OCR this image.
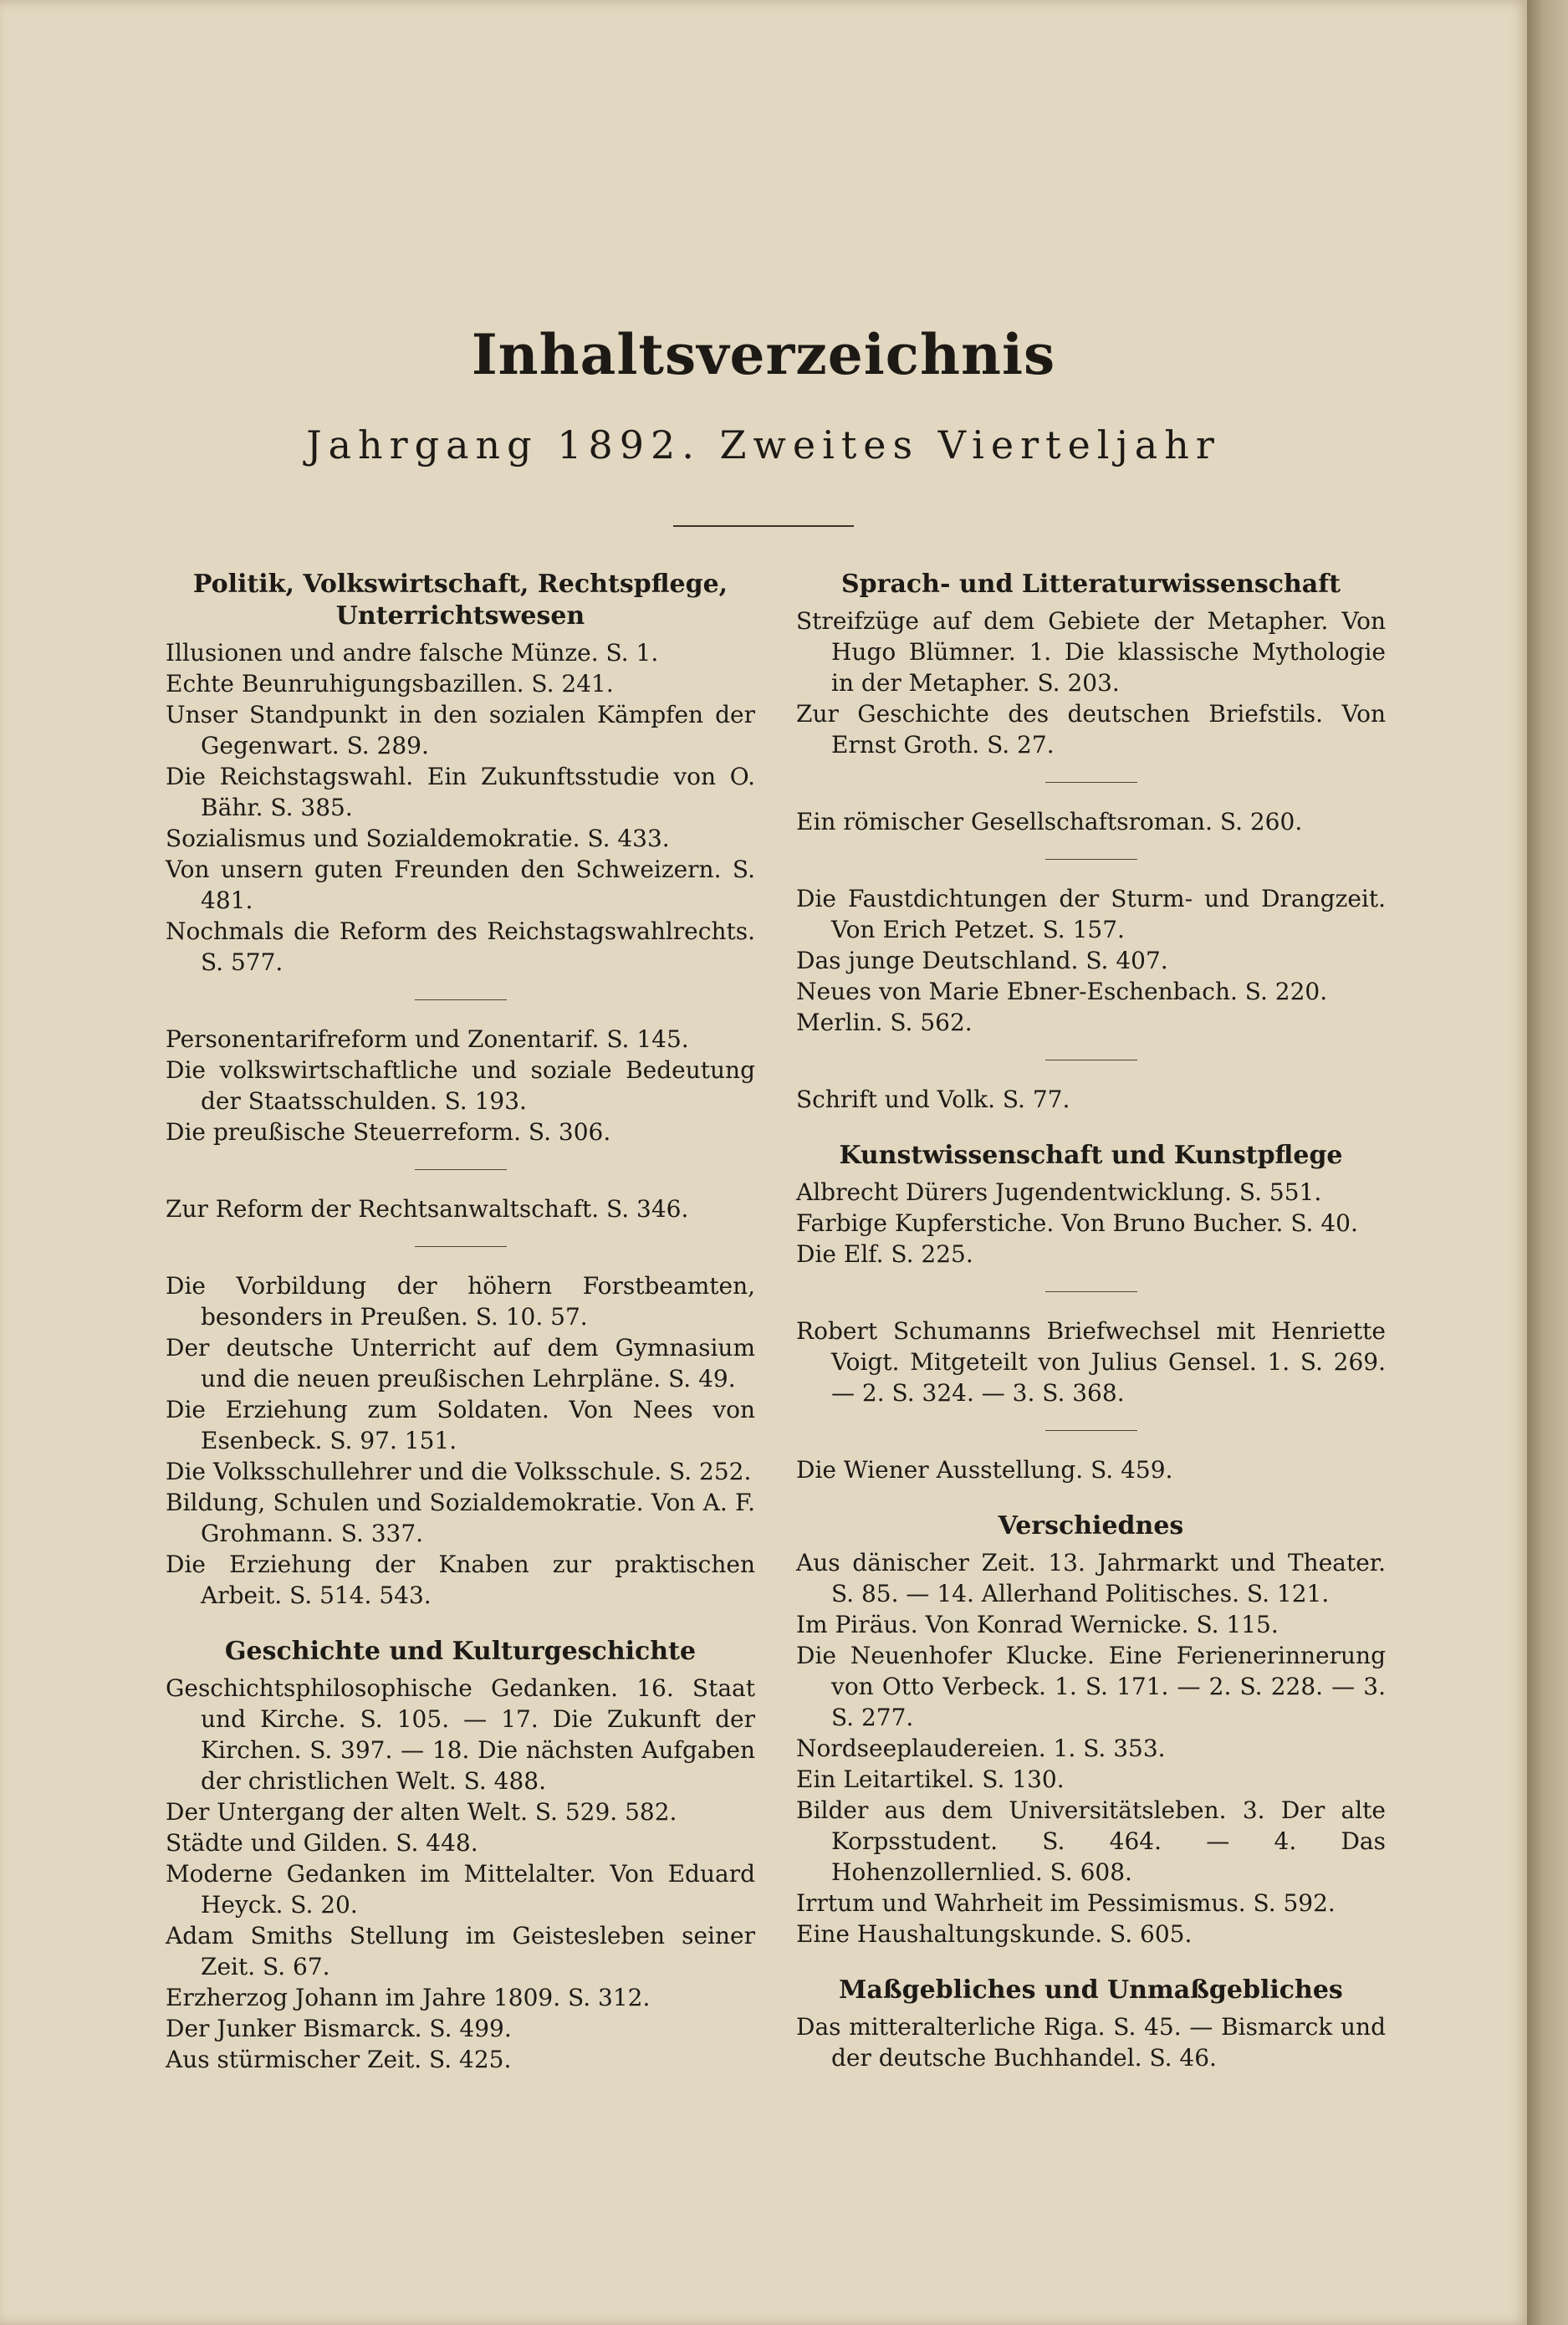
Inhaltsverzeichnis
Jahrgang 1892. Zweites Vierteljahr
Politik, Volkswirtschaft, Rechtspflege, Unterrichtswesen
Illusionen und andre falsche Münze. S. 1.
Echte Beunruhigungsbazillen. S. 241.
Unser Standpunkt in den sozialen Kämpfen der Gegenwart. S. 289.
Die Reichstagswahl. Ein Zukunftsstudie von O. Bähr. S. 385.
Sozialismus und Sozialdemokratie. S. 433.
Von unsern guten Freunden den Schweizern. S. 481.
Nochmals die Reform des Reichstagswahlrechts. S. 577.
Personentarifreform und Zonentarif. S. 145.
Die volkswirtschaftliche und soziale Bedeutung der Staatsschulden. S. 193.
Die preußische Steuerreform. S. 306.
Zur Reform der Rechtsanwaltschaft. S. 346.
Die Vorbildung der höhern Forstbeamten, besonders in Preußen. S. 10. 57.
Der deutsche Unterricht auf dem Gymnasium und die neuen preußischen Lehrpläne. S. 49.
Die Erziehung zum Soldaten. Von Nees von Esenbeck. S. 97. 151.
Die Volksschullehrer und die Volksschule. S. 252.
Bildung, Schulen und Sozialdemokratie. Von A. F. Grohmann. S. 337.
Die Erziehung der Knaben zur praktischen Arbeit. S. 514. 543.
Geschichte und Kulturgeschichte
Geschichtsphilosophische Gedanken. 16. Staat und Kirche. S. 105. — 17. Die Zukunft der Kirchen. S. 397. — 18. Die nächsten Aufgaben der christlichen Welt. S. 488.
Der Untergang der alten Welt. S. 529. 582.
Städte und Gilden. S. 448.
Moderne Gedanken im Mittelalter. Von Eduard Heyck. S. 20.
Adam Smiths Stellung im Geistesleben seiner Zeit. S. 67.
Erzherzog Johann im Jahre 1809. S. 312.
Der Junker Bismarck. S. 499.
Aus stürmischer Zeit. S. 425.
Sprach- und Litteraturwissenschaft
Streifzüge auf dem Gebiete der Metapher. Von Hugo Blümner. 1. Die klassische Mythologie in der Metapher. S. 203.
Zur Geschichte des deutschen Briefstils. Von Ernst Groth. S. 27.
Ein römischer Gesellschaftsroman. S. 260.
Die Faustdichtungen der Sturm- und Drangzeit. Von Erich Petzet. S. 157.
Das junge Deutschland. S. 407.
Neues von Marie Ebner-Eschenbach. S. 220.
Merlin. S. 562.
Schrift und Volk. S. 77.
Kunstwissenschaft und Kunstpflege
Albrecht Dürers Jugendentwicklung. S. 551.
Farbige Kupferstiche. Von Bruno Bucher. S. 40.
Die Elf. S. 225.
Robert Schumanns Briefwechsel mit Henriette Voigt. Mitgeteilt von Julius Gensel. 1. S. 269. — 2. S. 324. — 3. S. 368.
Die Wiener Ausstellung. S. 459.
Verschiednes
Aus dänischer Zeit. 13. Jahrmarkt und Theater. S. 85. — 14. Allerhand Politisches. S. 121.
Im Piräus. Von Konrad Wernicke. S. 115.
Die Neuenhofer Klucke. Eine Ferienerinnerung von Otto Verbeck. 1. S. 171. — 2. S. 228. — 3. S. 277.
Nordseeplaudereien. 1. S. 353.
Ein Leitartikel. S. 130.
Bilder aus dem Universitätsleben. 3. Der alte Korpsstudent. S. 464. — 4. Das Hohenzollernlied. S. 608.
Irrtum und Wahrheit im Pessimismus. S. 592.
Eine Haushaltungskunde. S. 605.
Maßgebliches und Unmaßgebliches
Das mitteralterliche Riga. S. 45. — Bismarck und der deutsche Buchhandel. S. 46.
